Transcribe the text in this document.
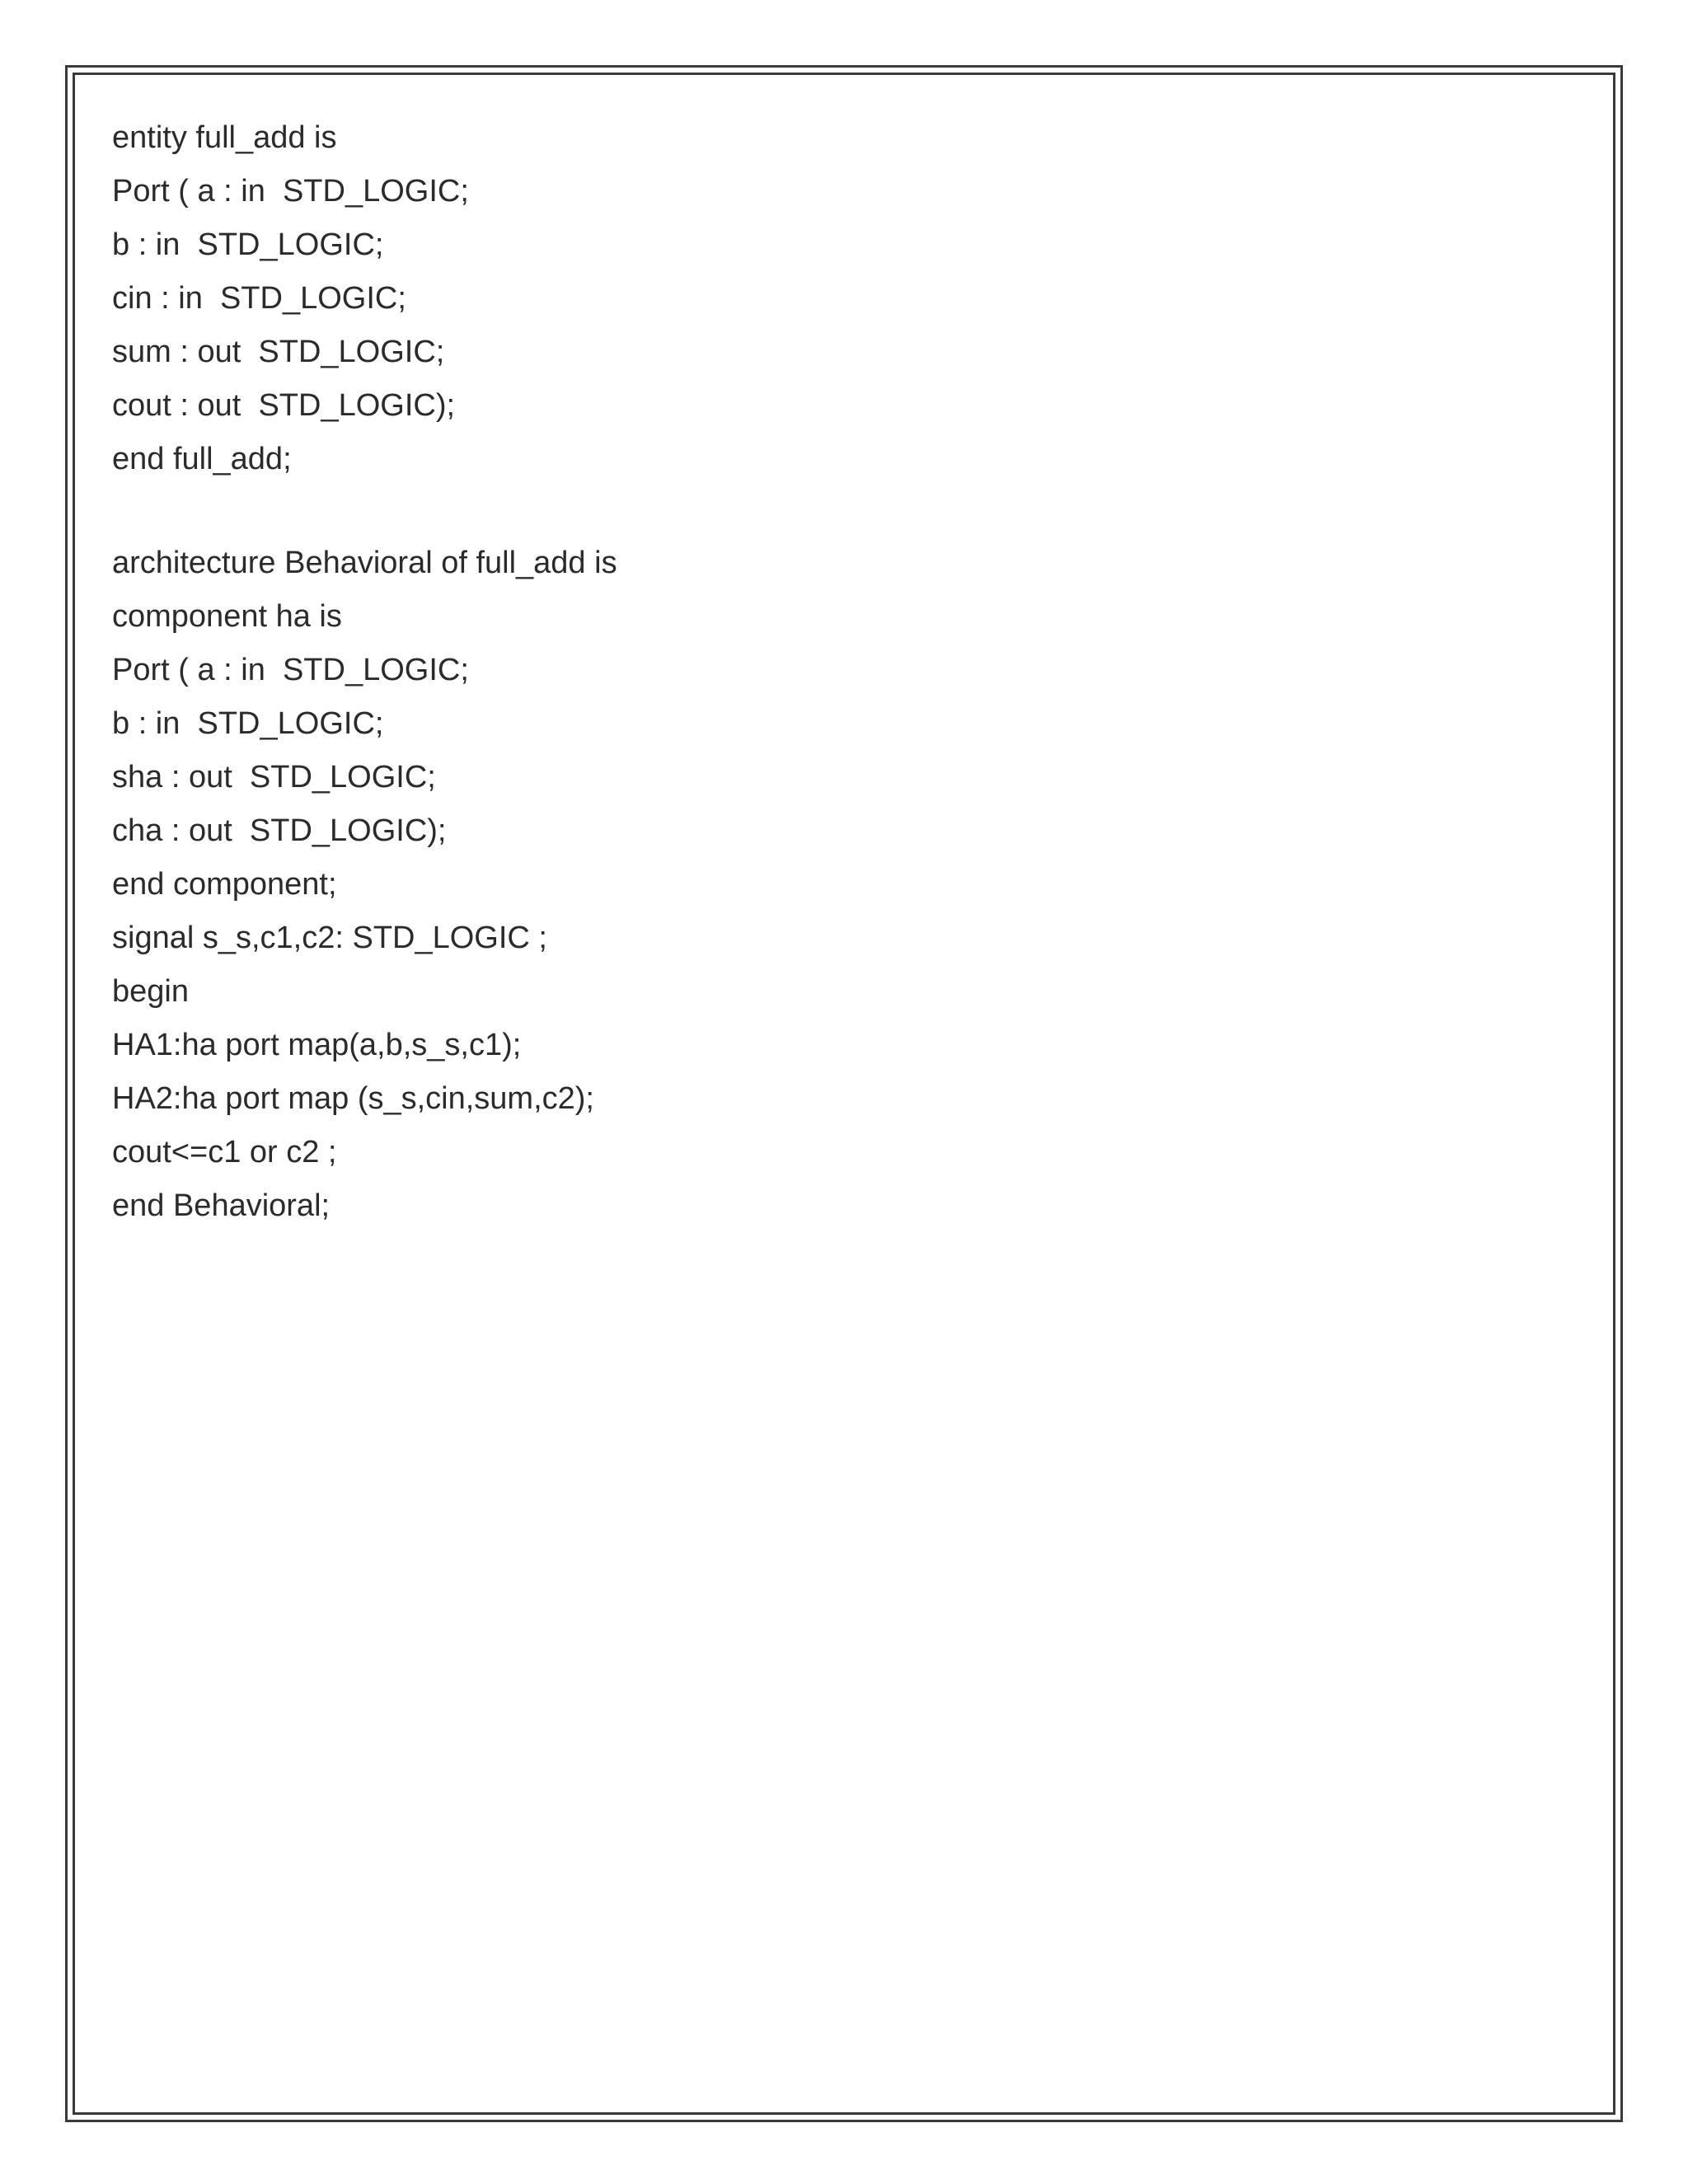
entity full_add is
Port ( a : in  STD_LOGIC;
b : in  STD_LOGIC;
cin : in  STD_LOGIC;
sum : out  STD_LOGIC;
cout : out  STD_LOGIC);
end full_add;
architecture Behavioral of full_add is
component ha is
Port ( a : in  STD_LOGIC;
b : in  STD_LOGIC;
sha : out  STD_LOGIC;
cha : out  STD_LOGIC);
end component;
signal s_s,c1,c2: STD_LOGIC ;
begin
HA1:ha port map(a,b,s_s,c1);
HA2:ha port map (s_s,cin,sum,c2);
cout<=c1 or c2 ;
end Behavioral;
